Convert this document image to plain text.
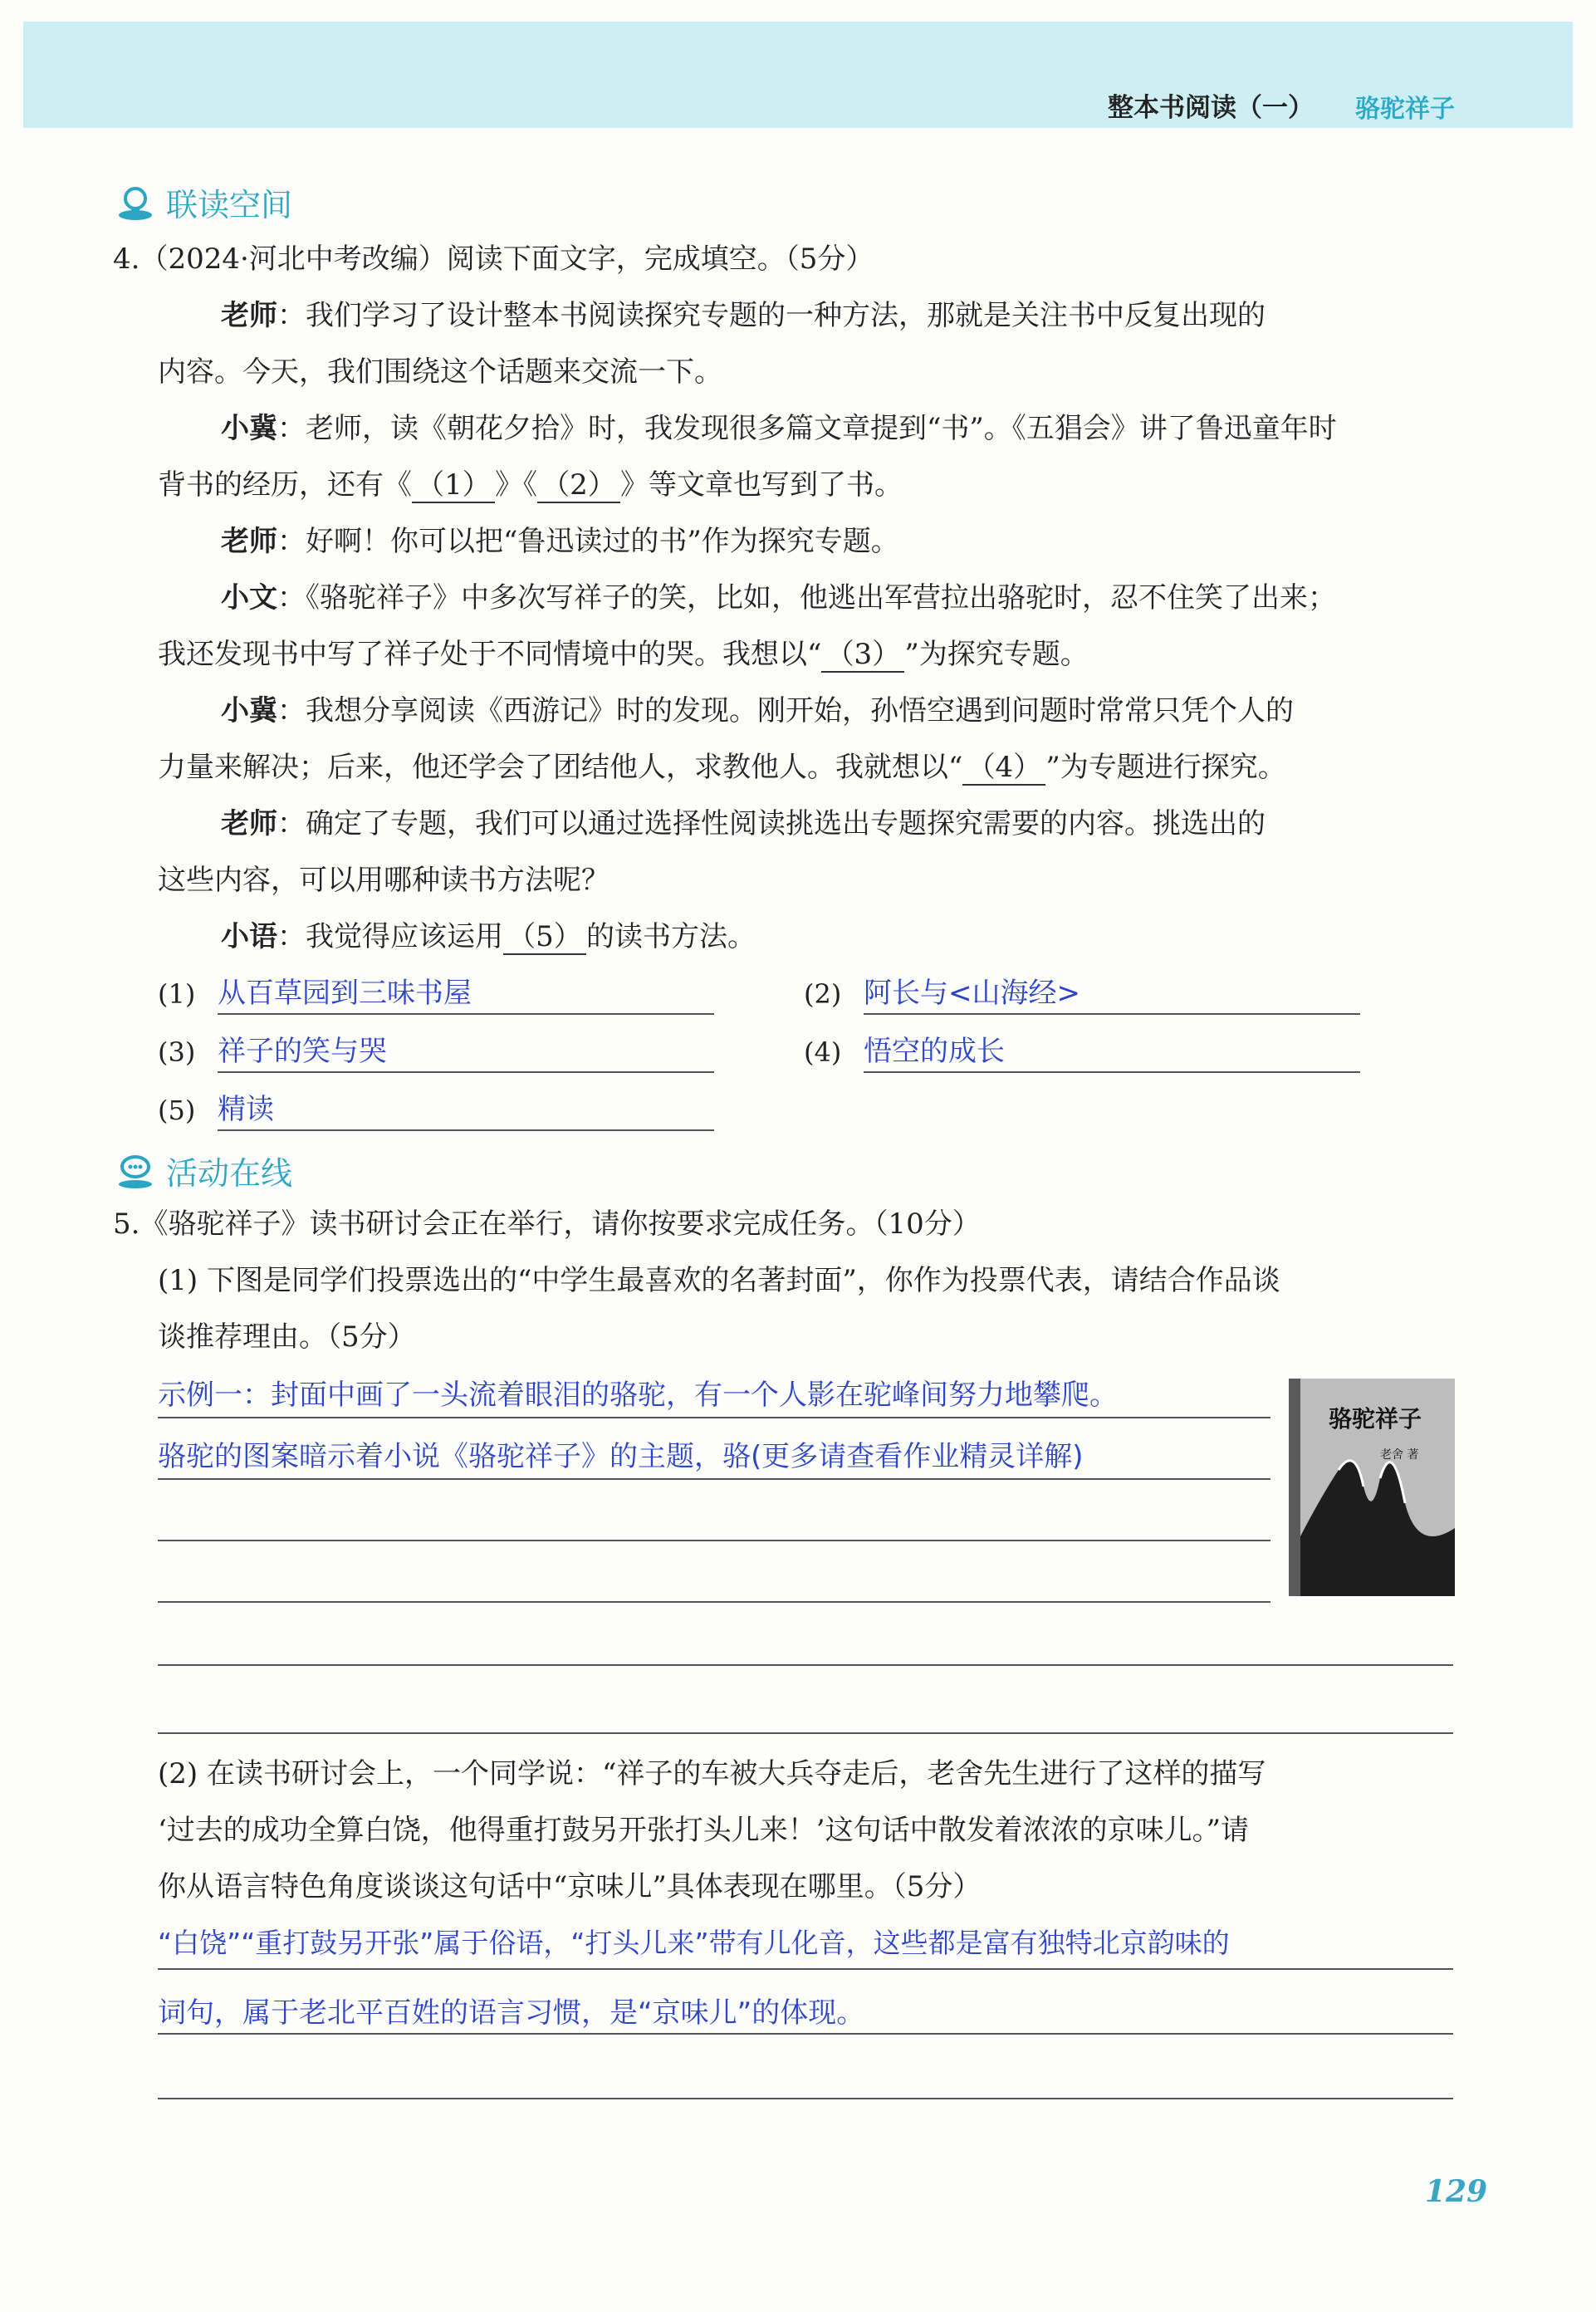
整本书阅读（一） 骆驼祥子
联读空间
4.（2024·河北中考改编）阅读下面文字，完成填空。（5分）
老师：我们学习了设计整本书阅读探究专题的一种方法，那就是关注书中反复出现的
内容。今天，我们围绕这个话题来交流一下。
小冀：老师，读《朝花夕拾》时，我发现很多篇文章提到“书”。《五猖会》讲了鲁迅童年时
背书的经历，还有《 （1） 》《 （2） 》等文章也写到了书。
老师：好啊！你可以把“鲁迅读过的书”作为探究专题。
小文：《骆驼祥子》中多次写祥子的笑，比如，他逃出军营拉出骆驼时，忍不住笑了出来；
我还发现书中写了祥子处于不同情境中的哭。我想以“ （3） ”为探究专题。
小冀：我想分享阅读《西游记》时的发现。刚开始，孙悟空遇到问题时常常只凭个人的
力量来解决；后来，他还学会了团结他人，求教他人。我就想以“ （4） ”为专题进行探究。
老师：确定了专题，我们可以通过选择性阅读挑选出专题探究需要的内容。挑选出的
这些内容，可以用哪种读书方法呢？
小语：我觉得应该运用 （5） 的读书方法。
(1) 从百草园到三味书屋	(2) 阿长与<山海经>
(3) 祥子的笑与哭	(4) 悟空的成长
(5) 精读
活动在线
5.《骆驼祥子》读书研讨会正在举行，请你按要求完成任务。（10分）
(1) 下图是同学们投票选出的“中学生最喜欢的名著封面”，你作为投票代表，请结合作品谈
谈推荐理由。（5分）
示例一：封面中画了一头流着眼泪的骆驼，有一个人影在驼峰间努力地攀爬。
骆驼的图案暗示着小说《骆驼祥子》的主题，骆(更多请查看作业精灵详解)
骆驼祥子
老舍 著
(2) 在读书研讨会上，一个同学说：“祥子的车被大兵夺走后，老舍先生进行了这样的描写
‘过去的成功全算白饶，他得重打鼓另开张打头儿来！’这句话中散发着浓浓的京味儿。”请
你从语言特色角度谈谈这句话中“京味儿”具体表现在哪里。（5分）
“白饶”“重打鼓另开张”属于俗语，“打头儿来”带有儿化音，这些都是富有独特北京韵味的
词句，属于老北平百姓的语言习惯，是“京味儿”的体现。
129
